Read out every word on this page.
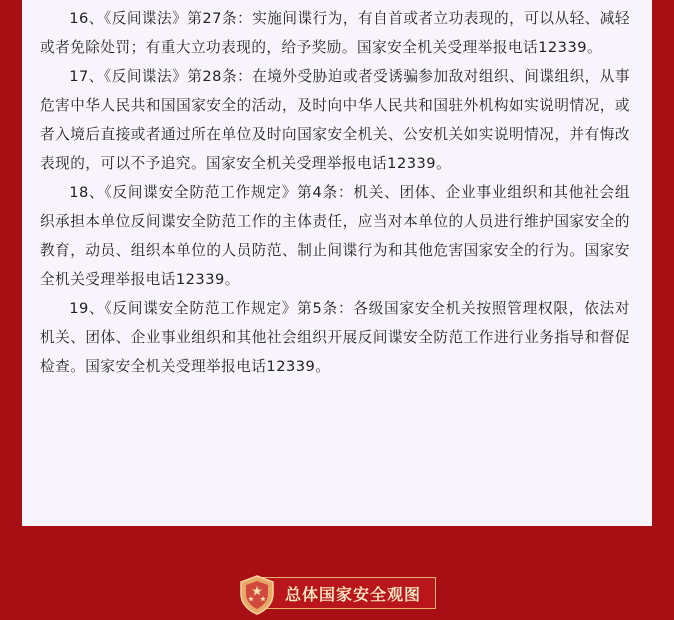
16、《反间谍法》第27条：实施间谍行为，有自首或者立功表现的，可以从轻、减轻或者免除处罚；有重大立功表现的，给予奖励。国家安全机关受理举报电话12339。

17、《反间谍法》第28条：在境外受胁迫或者受诱骗参加敌对组织、间谍组织，从事危害中华人民共和国国家安全的活动，及时向中华人民共和国驻外机构如实说明情况，或者入境后直接或者通过所在单位及时向国家安全机关、公安机关如实说明情况，并有悔改表现的，可以不予追究。国家安全机关受理举报电话12339。

18、《反间谍安全防范工作规定》第4条：机关、团体、企业事业组织和其他社会组织承担本单位反间谍安全防范工作的主体责任，应当对本单位的人员进行维护国家安全的教育，动员、组织本单位的人员防范、制止间谍行为和其他危害国家安全的行为。国家安全机关受理举报电话12339。

19、《反间谍安全防范工作规定》第5条：各级国家安全机关按照管理权限，依法对机关、团体、企业事业组织和其他社会组织开展反间谍安全防范工作进行业务指导和督促检查。国家安全机关受理举报电话12339。

总体国家安全观图
